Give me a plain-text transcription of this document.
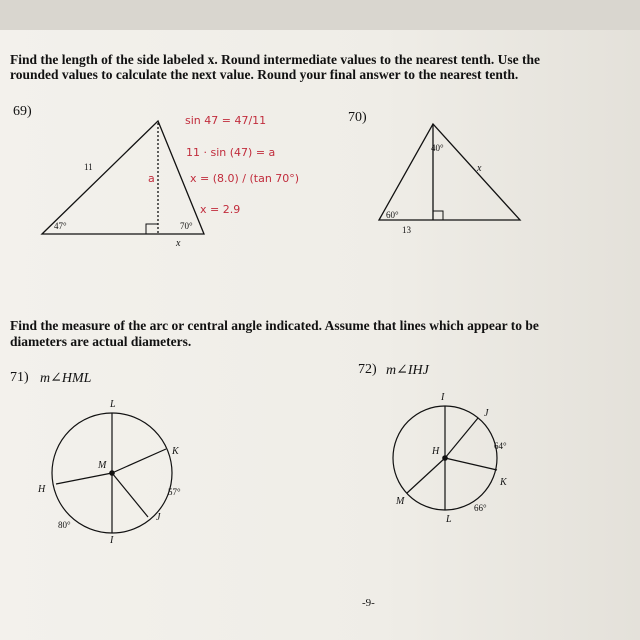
Find the length of the side labeled x. Round intermediate values to the nearest tenth. Use the
rounded values to calculate the next value. Round your final answer to the nearest tenth.
69)	70)
11
47°	70°
x
sin 47 = 47/11
11 · sin (47) = a
x = (8.0) / (tan 70°)
x = 2.9
a
40°
x
60°
13
Find the measure of the arc or central angle indicated. Assume that lines which appear to be
diameters are actual diameters.
71) m∠HML
L
K
M
H	57°
J
80°
I
72) m∠IHJ
I
J
H	64°
K
M
66°
L
-9-
